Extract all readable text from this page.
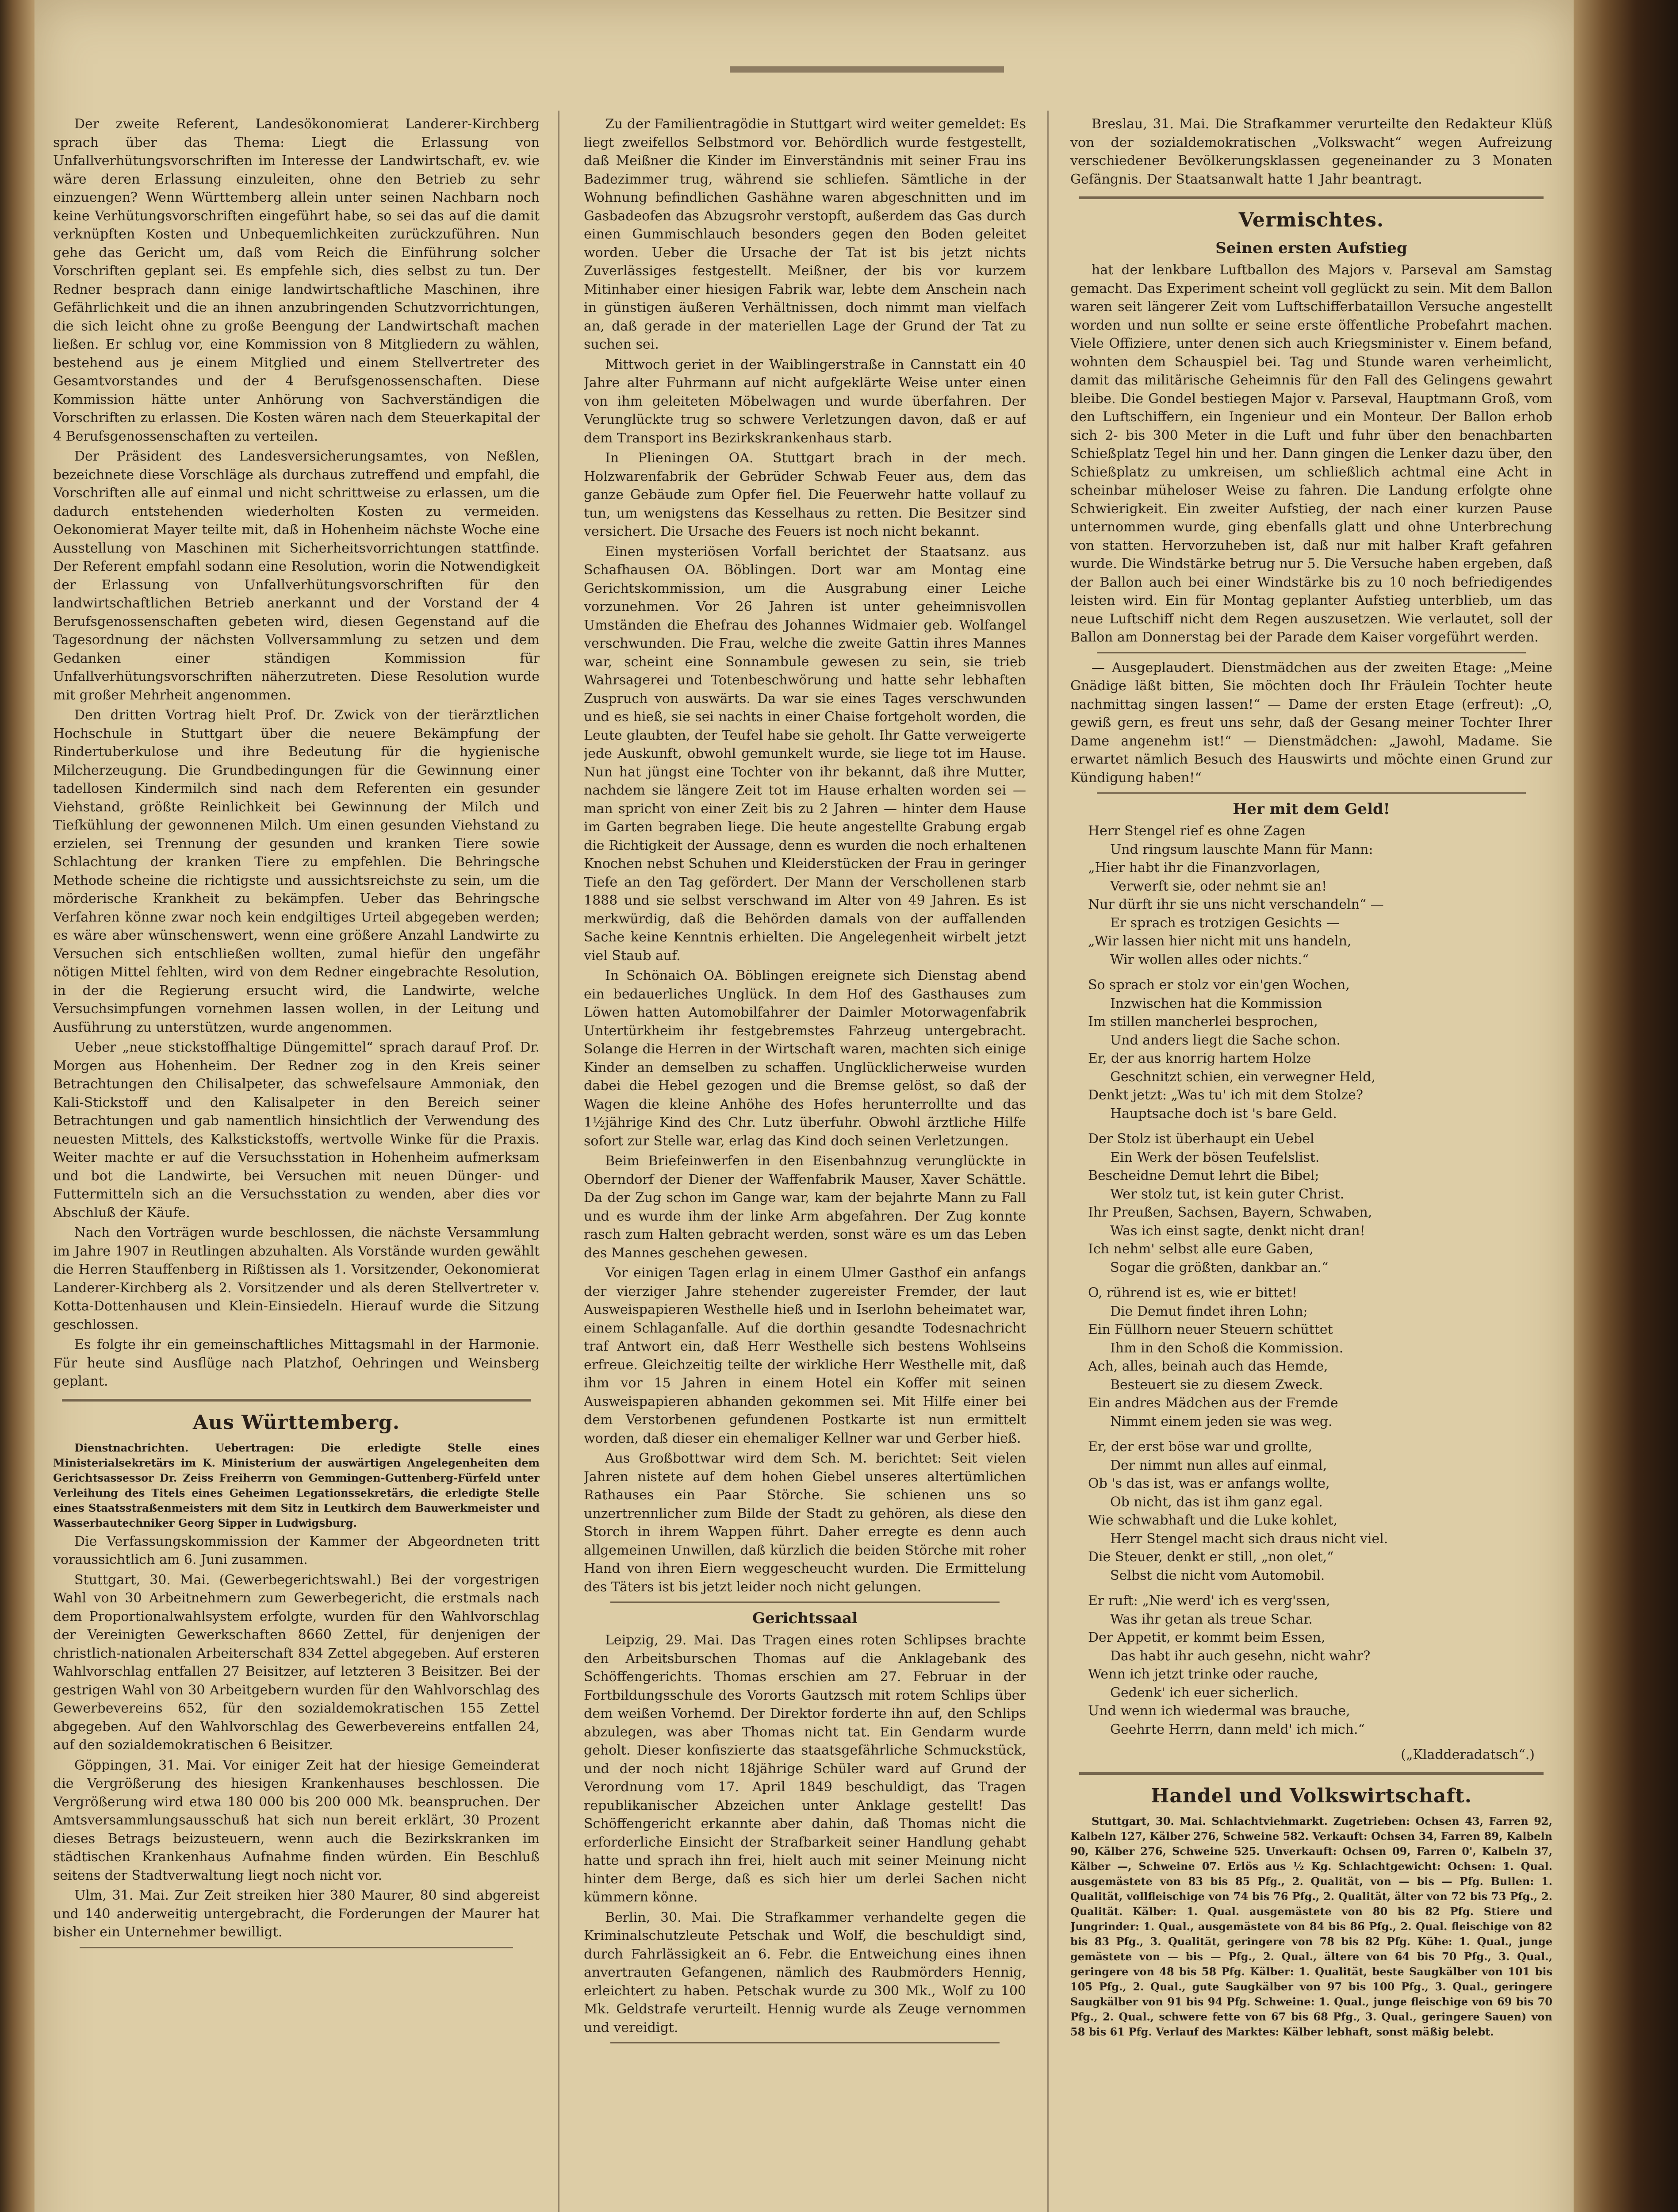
Der zweite Referent, Landesökonomierat Landerer-Kirchberg sprach über das Thema: Liegt die Erlassung von Unfallverhütungsvorschriften im Interesse der Landwirtschaft, ev. wie wäre deren Erlassung einzuleiten, ohne den Betrieb zu sehr einzuengen? Wenn Württemberg allein unter seinen Nachbarn noch keine Verhütungsvorschriften eingeführt habe, so sei das auf die damit verknüpften Kosten und Unbequemlichkeiten zurückzuführen. Nun gehe das Gericht um, daß vom Reich die Einführung solcher Vorschriften geplant sei. Es empfehle sich, dies selbst zu tun. Der Redner besprach dann einige landwirtschaftliche Maschinen, ihre Gefährlichkeit und die an ihnen anzubringenden Schutzvorrichtungen, die sich leicht ohne zu große Beengung der Landwirtschaft machen ließen. Er schlug vor, eine Kommission von 8 Mitgliedern zu wählen, bestehend aus je einem Mitglied und einem Stellvertreter des Gesamtvorstandes und der 4 Berufsgenossenschaften. Diese Kommission hätte unter Anhörung von Sachverständigen die Vorschriften zu erlassen. Die Kosten wären nach dem Steuerkapital der 4 Berufsgenossenschaften zu verteilen.

Der Präsident des Landesversicherungsamtes, von Neßlen, bezeichnete diese Vorschläge als durchaus zutreffend und empfahl, die Vorschriften alle auf einmal und nicht schrittweise zu erlassen, um die dadurch entstehenden wiederholten Kosten zu vermeiden. Oekonomierat Mayer teilte mit, daß in Hohenheim nächste Woche eine Ausstellung von Maschinen mit Sicherheitsvorrichtungen stattfinde. Der Referent empfahl sodann eine Resolution, worin die Notwendigkeit der Erlassung von Unfallverhütungsvorschriften für den landwirtschaftlichen Betrieb anerkannt und der Vorstand der 4 Berufsgenossenschaften gebeten wird, diesen Gegenstand auf die Tagesordnung der nächsten Vollversammlung zu setzen und dem Gedanken einer ständigen Kommission für Unfallverhütungsvorschriften näherzutreten. Diese Resolution wurde mit großer Mehrheit angenommen.

Den dritten Vortrag hielt Prof. Dr. Zwick von der tierärztlichen Hochschule in Stuttgart über die neuere Bekämpfung der Rindertuberkulose und ihre Bedeutung für die hygienische Milcherzeugung. Die Grundbedingungen für die Gewinnung einer tadellosen Kindermilch sind nach dem Referenten ein gesunder Viehstand, größte Reinlichkeit bei Gewinnung der Milch und Tiefkühlung der gewonnenen Milch. Um einen gesunden Viehstand zu erzielen, sei Trennung der gesunden und kranken Tiere sowie Schlachtung der kranken Tiere zu empfehlen. Die Behringsche Methode scheine die richtigste und aussichtsreichste zu sein, um die mörderische Krankheit zu bekämpfen. Ueber das Behringsche Verfahren könne zwar noch kein endgiltiges Urteil abgegeben werden; es wäre aber wünschenswert, wenn eine größere Anzahl Landwirte zu Versuchen sich entschließen wollten, zumal hiefür den ungefähr nötigen Mittel fehlten, wird von dem Redner eingebrachte Resolution, in der die Regierung ersucht wird, die Landwirte, welche Versuchsimpfungen vornehmen lassen wollen, in der Leitung und Ausführung zu unterstützen, wurde angenommen.

Ueber „neue stickstoffhaltige Düngemittel“ sprach darauf Prof. Dr. Morgen aus Hohenheim. Der Redner zog in den Kreis seiner Betrachtungen den Chilisalpeter, das schwefelsaure Ammoniak, den Kali-Stickstoff und den Kalisalpeter in den Bereich seiner Betrachtungen und gab namentlich hinsichtlich der Verwendung des neuesten Mittels, des Kalkstickstoffs, wertvolle Winke für die Praxis. Weiter machte er auf die Versuchsstation in Hohenheim aufmerksam und bot die Landwirte, bei Versuchen mit neuen Dünger- und Futtermitteln sich an die Versuchsstation zu wenden, aber dies vor Abschluß der Käufe.

Nach den Vorträgen wurde beschlossen, die nächste Versammlung im Jahre 1907 in Reutlingen abzuhalten. Als Vorstände wurden gewählt die Herren Stauffenberg in Rißtissen als 1. Vorsitzender, Oekonomierat Landerer-Kirchberg als 2. Vorsitzender und als deren Stellvertreter v. Kotta-Dottenhausen und Klein-Einsiedeln. Hierauf wurde die Sitzung geschlossen.

Es folgte ihr ein gemeinschaftliches Mittagsmahl in der Harmonie. Für heute sind Ausflüge nach Platzhof, Oehringen und Weinsberg geplant.

Aus Württemberg.

Dienstnachrichten. Uebertragen: Die erledigte Stelle eines Ministerialsekretärs im K. Ministerium der auswärtigen Angelegenheiten dem Gerichtsassessor Dr. Zeiss Freiherrn von Gemmingen-Guttenberg-Fürfeld unter Verleihung des Titels eines Geheimen Legationssekretärs, die erledigte Stelle eines Staatsstraßenmeisters mit dem Sitz in Leutkirch dem Bauwerkmeister und Wasserbautechniker Georg Sipper in Ludwigsburg.

Die Verfassungskommission der Kammer der Abgeordneten tritt voraussichtlich am 6. Juni zusammen.

Stuttgart, 30. Mai. (Gewerbegerichtswahl.) Bei der vorgestrigen Wahl von 30 Arbeitnehmern zum Gewerbegericht, die erstmals nach dem Proportionalwahlsystem erfolgte, wurden für den Wahlvorschlag der Vereinigten Gewerkschaften 8660 Zettel, für denjenigen der christlich-nationalen Arbeiterschaft 834 Zettel abgegeben. Auf ersteren Wahlvorschlag entfallen 27 Beisitzer, auf letzteren 3 Beisitzer. Bei der gestrigen Wahl von 30 Arbeitgebern wurden für den Wahlvorschlag des Gewerbevereins 652, für den sozialdemokratischen 155 Zettel abgegeben. Auf den Wahlvorschlag des Gewerbevereins entfallen 24, auf den sozialdemokratischen 6 Beisitzer.

Göppingen, 31. Mai. Vor einiger Zeit hat der hiesige Gemeinderat die Vergrößerung des hiesigen Krankenhauses beschlossen. Die Vergrößerung wird etwa 180 000 bis 200 000 Mk. beanspruchen. Der Amtsversammlungsausschuß hat sich nun bereit erklärt, 30 Prozent dieses Betrags beizusteuern, wenn auch die Bezirkskranken im städtischen Krankenhaus Aufnahme finden würden. Ein Beschluß seitens der Stadtverwaltung liegt noch nicht vor.

Ulm, 31. Mai. Zur Zeit streiken hier 380 Maurer, 80 sind abgereist und 140 anderweitig untergebracht, die Forderungen der Maurer hat bisher ein Unternehmer bewilligt.

Zu der Familientragödie in Stuttgart wird weiter gemeldet: Es liegt zweifellos Selbstmord vor. Behördlich wurde festgestellt, daß Meißner die Kinder im Einverständnis mit seiner Frau ins Badezimmer trug, während sie schliefen. Sämtliche in der Wohnung befindlichen Gashähne waren abgeschnitten und im Gasbadeofen das Abzugsrohr verstopft, außerdem das Gas durch einen Gummischlauch besonders gegen den Boden geleitet worden. Ueber die Ursache der Tat ist bis jetzt nichts Zuverlässiges festgestellt. Meißner, der bis vor kurzem Mitinhaber einer hiesigen Fabrik war, lebte dem Anschein nach in günstigen äußeren Verhältnissen, doch nimmt man vielfach an, daß gerade in der materiellen Lage der Grund der Tat zu suchen sei.

Mittwoch geriet in der Waiblingerstraße in Cannstatt ein 40 Jahre alter Fuhrmann auf nicht aufgeklärte Weise unter einen von ihm geleiteten Möbelwagen und wurde überfahren. Der Verunglückte trug so schwere Verletzungen davon, daß er auf dem Transport ins Bezirkskrankenhaus starb.

In Plieningen OA. Stuttgart brach in der mech. Holzwarenfabrik der Gebrüder Schwab Feuer aus, dem das ganze Gebäude zum Opfer fiel. Die Feuerwehr hatte vollauf zu tun, um wenigstens das Kesselhaus zu retten. Die Besitzer sind versichert. Die Ursache des Feuers ist noch nicht bekannt.

Einen mysteriösen Vorfall berichtet der Staatsanz. aus Schafhausen OA. Böblingen. Dort war am Montag eine Gerichtskommission, um die Ausgrabung einer Leiche vorzunehmen. Vor 26 Jahren ist unter geheimnisvollen Umständen die Ehefrau des Johannes Widmaier geb. Wolfangel verschwunden. Die Frau, welche die zweite Gattin ihres Mannes war, scheint eine Sonnambule gewesen zu sein, sie trieb Wahrsagerei und Totenbeschwörung und hatte sehr lebhaften Zuspruch von auswärts. Da war sie eines Tages verschwunden und es hieß, sie sei nachts in einer Chaise fortgeholt worden, die Leute glaubten, der Teufel habe sie geholt. Ihr Gatte verweigerte jede Auskunft, obwohl gemunkelt wurde, sie liege tot im Hause. Nun hat jüngst eine Tochter von ihr bekannt, daß ihre Mutter, nachdem sie längere Zeit tot im Hause erhalten worden sei — man spricht von einer Zeit bis zu 2 Jahren — hinter dem Hause im Garten begraben liege. Die heute angestellte Grabung ergab die Richtigkeit der Aussage, denn es wurden die noch erhaltenen Knochen nebst Schuhen und Kleiderstücken der Frau in geringer Tiefe an den Tag gefördert. Der Mann der Verschollenen starb 1888 und sie selbst verschwand im Alter von 49 Jahren. Es ist merkwürdig, daß die Behörden damals von der auffallenden Sache keine Kenntnis erhielten. Die Angelegenheit wirbelt jetzt viel Staub auf.

In Schönaich OA. Böblingen ereignete sich Dienstag abend ein bedauerliches Unglück. In dem Hof des Gasthauses zum Löwen hatten Automobilfahrer der Daimler Motorwagenfabrik Untertürkheim ihr festgebremstes Fahrzeug untergebracht. Solange die Herren in der Wirtschaft waren, machten sich einige Kinder an demselben zu schaffen. Unglücklicherweise wurden dabei die Hebel gezogen und die Bremse gelöst, so daß der Wagen die kleine Anhöhe des Hofes herunterrollte und das 1½jährige Kind des Chr. Lutz überfuhr. Obwohl ärztliche Hilfe sofort zur Stelle war, erlag das Kind doch seinen Verletzungen.

Beim Briefeinwerfen in den Eisenbahnzug verunglückte in Oberndorf der Diener der Waffenfabrik Mauser, Xaver Schättle. Da der Zug schon im Gange war, kam der bejahrte Mann zu Fall und es wurde ihm der linke Arm abgefahren. Der Zug konnte rasch zum Halten gebracht werden, sonst wäre es um das Leben des Mannes geschehen gewesen.

Vor einigen Tagen erlag in einem Ulmer Gasthof ein anfangs der vierziger Jahre stehender zugereister Fremder, der laut Ausweispapieren Westhelle hieß und in Iserlohn beheimatet war, einem Schlaganfalle. Auf die dorthin gesandte Todesnachricht traf Antwort ein, daß Herr Westhelle sich bestens Wohlseins erfreue. Gleichzeitig teilte der wirkliche Herr Westhelle mit, daß ihm vor 15 Jahren in einem Hotel ein Koffer mit seinen Ausweispapieren abhanden gekommen sei. Mit Hilfe einer bei dem Verstorbenen gefundenen Postkarte ist nun ermittelt worden, daß dieser ein ehemaliger Kellner war und Gerber hieß.

Aus Großbottwar wird dem Sch. M. berichtet: Seit vielen Jahren nistete auf dem hohen Giebel unseres altertümlichen Rathauses ein Paar Störche. Sie schienen uns so unzertrennlicher zum Bilde der Stadt zu gehören, als diese den Storch in ihrem Wappen führt. Daher erregte es denn auch allgemeinen Unwillen, daß kürzlich die beiden Störche mit roher Hand von ihren Eiern weggescheucht wurden. Die Ermittelung des Täters ist bis jetzt leider noch nicht gelungen.

Gerichtssaal

Leipzig, 29. Mai. Das Tragen eines roten Schlipses brachte den Arbeitsburschen Thomas auf die Anklagebank des Schöffengerichts. Thomas erschien am 27. Februar in der Fortbildungsschule des Vororts Gautzsch mit rotem Schlips über dem weißen Vorhemd. Der Direktor forderte ihn auf, den Schlips abzulegen, was aber Thomas nicht tat. Ein Gendarm wurde geholt. Dieser konfiszierte das staatsgefährliche Schmuckstück, und der noch nicht 18jährige Schüler ward auf Grund der Verordnung vom 17. April 1849 beschuldigt, das Tragen republikanischer Abzeichen unter Anklage gestellt! Das Schöffengericht erkannte aber dahin, daß Thomas nicht die erforderliche Einsicht der Strafbarkeit seiner Handlung gehabt hatte und sprach ihn frei, hielt auch mit seiner Meinung nicht hinter dem Berge, daß es sich hier um derlei Sachen nicht kümmern könne.

Berlin, 30. Mai. Die Strafkammer verhandelte gegen die Kriminalschutzleute Petschak und Wolf, die beschuldigt sind, durch Fahrlässigkeit an 6. Febr. die Entweichung eines ihnen anvertrauten Gefangenen, nämlich des Raubmörders Hennig, erleichtert zu haben. Petschak wurde zu 300 Mk., Wolf zu 100 Mk. Geldstrafe verurteilt. Hennig wurde als Zeuge vernommen und vereidigt.

Breslau, 31. Mai. Die Strafkammer verurteilte den Redakteur Klüß von der sozialdemokratischen „Volkswacht“ wegen Aufreizung verschiedener Bevölkerungsklassen gegeneinander zu 3 Monaten Gefängnis. Der Staatsanwalt hatte 1 Jahr beantragt.

Vermischtes.
Seinen ersten Aufstieg

hat der lenkbare Luftballon des Majors v. Parseval am Samstag gemacht. Das Experiment scheint voll geglückt zu sein. Mit dem Ballon waren seit längerer Zeit vom Luftschifferbataillon Versuche angestellt worden und nun sollte er seine erste öffentliche Probefahrt machen. Viele Offiziere, unter denen sich auch Kriegsminister v. Einem befand, wohnten dem Schauspiel bei. Tag und Stunde waren verheimlicht, damit das militärische Geheimnis für den Fall des Gelingens gewahrt bleibe. Die Gondel bestiegen Major v. Parseval, Hauptmann Groß, vom den Luftschiffern, ein Ingenieur und ein Monteur. Der Ballon erhob sich 2- bis 300 Meter in die Luft und fuhr über den benachbarten Schießplatz Tegel hin und her. Dann gingen die Lenker dazu über, den Schießplatz zu umkreisen, um schließlich achtmal eine Acht in scheinbar müheloser Weise zu fahren. Die Landung erfolgte ohne Schwierigkeit. Ein zweiter Aufstieg, der nach einer kurzen Pause unternommen wurde, ging ebenfalls glatt und ohne Unterbrechung von statten. Hervorzuheben ist, daß nur mit halber Kraft gefahren wurde. Die Windstärke betrug nur 5. Die Versuche haben ergeben, daß der Ballon auch bei einer Windstärke bis zu 10 noch befriedigendes leisten wird. Ein für Montag geplanter Aufstieg unterblieb, um das neue Luftschiff nicht dem Regen auszusetzen. Wie verlautet, soll der Ballon am Donnerstag bei der Parade dem Kaiser vorgeführt werden.

— Ausgeplaudert. Dienstmädchen aus der zweiten Etage: „Meine Gnädige läßt bitten, Sie möchten doch Ihr Fräulein Tochter heute nachmittag singen lassen!“ — Dame der ersten Etage (erfreut): „O, gewiß gern, es freut uns sehr, daß der Gesang meiner Tochter Ihrer Dame angenehm ist!“ — Dienstmädchen: „Jawohl, Madame. Sie erwartet nämlich Besuch des Hauswirts und möchte einen Grund zur Kündigung haben!“

Her mit dem Geld!
Herr Stengel rief es ohne Zagen
Und ringsum lauschte Mann für Mann:
„Hier habt ihr die Finanzvorlagen,
Verwerft sie, oder nehmt sie an!
Nur dürft ihr sie uns nicht verschandeln“ —
Er sprach es trotzigen Gesichts —
„Wir lassen hier nicht mit uns handeln,
Wir wollen alles oder nichts.“
So sprach er stolz vor ein'gen Wochen,
Inzwischen hat die Kommission
Im stillen mancherlei besprochen,
Und anders liegt die Sache schon.
Er, der aus knorrig hartem Holze
Geschnitzt schien, ein verwegner Held,
Denkt jetzt: „Was tu' ich mit dem Stolze?
Hauptsache doch ist 's bare Geld.
Der Stolz ist überhaupt ein Uebel
Ein Werk der bösen Teufelslist.
Bescheidne Demut lehrt die Bibel;
Wer stolz tut, ist kein guter Christ.
Ihr Preußen, Sachsen, Bayern, Schwaben,
Was ich einst sagte, denkt nicht dran!
Ich nehm' selbst alle eure Gaben,
Sogar die größten, dankbar an.“
O, rührend ist es, wie er bittet!
Die Demut findet ihren Lohn;
Ein Füllhorn neuer Steuern schüttet
Ihm in den Schoß die Kommission.
Ach, alles, beinah auch das Hemde,
Besteuert sie zu diesem Zweck.
Ein andres Mädchen aus der Fremde
Nimmt einem jeden sie was weg.
Er, der erst böse war und grollte,
Der nimmt nun alles auf einmal,
Ob 's das ist, was er anfangs wollte,
Ob nicht, das ist ihm ganz egal.
Wie schwabhaft und die Luke kohlet,
Herr Stengel macht sich draus nicht viel.
Die Steuer, denkt er still, „non olet,“
Selbst die nicht vom Automobil.
Er ruft: „Nie werd' ich es verg'ssen,
Was ihr getan als treue Schar.
Der Appetit, er kommt beim Essen,
Das habt ihr auch gesehn, nicht wahr?
Wenn ich jetzt trinke oder rauche,
Gedenk' ich euer sicherlich.
Und wenn ich wiedermal was brauche,
Geehrte Herrn, dann meld' ich mich.“
(„Kladderadatsch“.)
Handel und Volkswirtschaft.

Stuttgart, 30. Mai. Schlachtviehmarkt. Zugetrieben: Ochsen 43, Farren 92, Kalbeln 127, Kälber 276, Schweine 582. Verkauft: Ochsen 34, Farren 89, Kalbeln 90, Kälber 276, Schweine 525. Unverkauft: Ochsen 09, Farren 0', Kalbeln 37, Kälber —, Schweine 07. Erlös aus ½ Kg. Schlachtgewicht: Ochsen: 1. Qual. ausgemästete von 83 bis 85 Pfg., 2. Qualität, von — bis — Pfg. Bullen: 1. Qualität, vollfleischige von 74 bis 76 Pfg., 2. Qualität, älter von 72 bis 73 Pfg., 2. Qualität. Kälber: 1. Qual. ausgemästete von 80 bis 82 Pfg. Stiere und Jungrinder: 1. Qual., ausgemästete von 84 bis 86 Pfg., 2. Qual. fleischige von 82 bis 83 Pfg., 3. Qualität, geringere von 78 bis 82 Pfg. Kühe: 1. Qual., junge gemästete von — bis — Pfg., 2. Qual., ältere von 64 bis 70 Pfg., 3. Qual., geringere von 48 bis 58 Pfg. Kälber: 1. Qualität, beste Saugkälber von 101 bis 105 Pfg., 2. Qual., gute Saugkälber von 97 bis 100 Pfg., 3. Qual., geringere Saugkälber von 91 bis 94 Pfg. Schweine: 1. Qual., junge fleischige von 69 bis 70 Pfg., 2. Qual., schwere fette von 67 bis 68 Pfg., 3. Qual., geringere Sauen) von 58 bis 61 Pfg. Verlauf des Marktes: Kälber lebhaft, sonst mäßig belebt.
